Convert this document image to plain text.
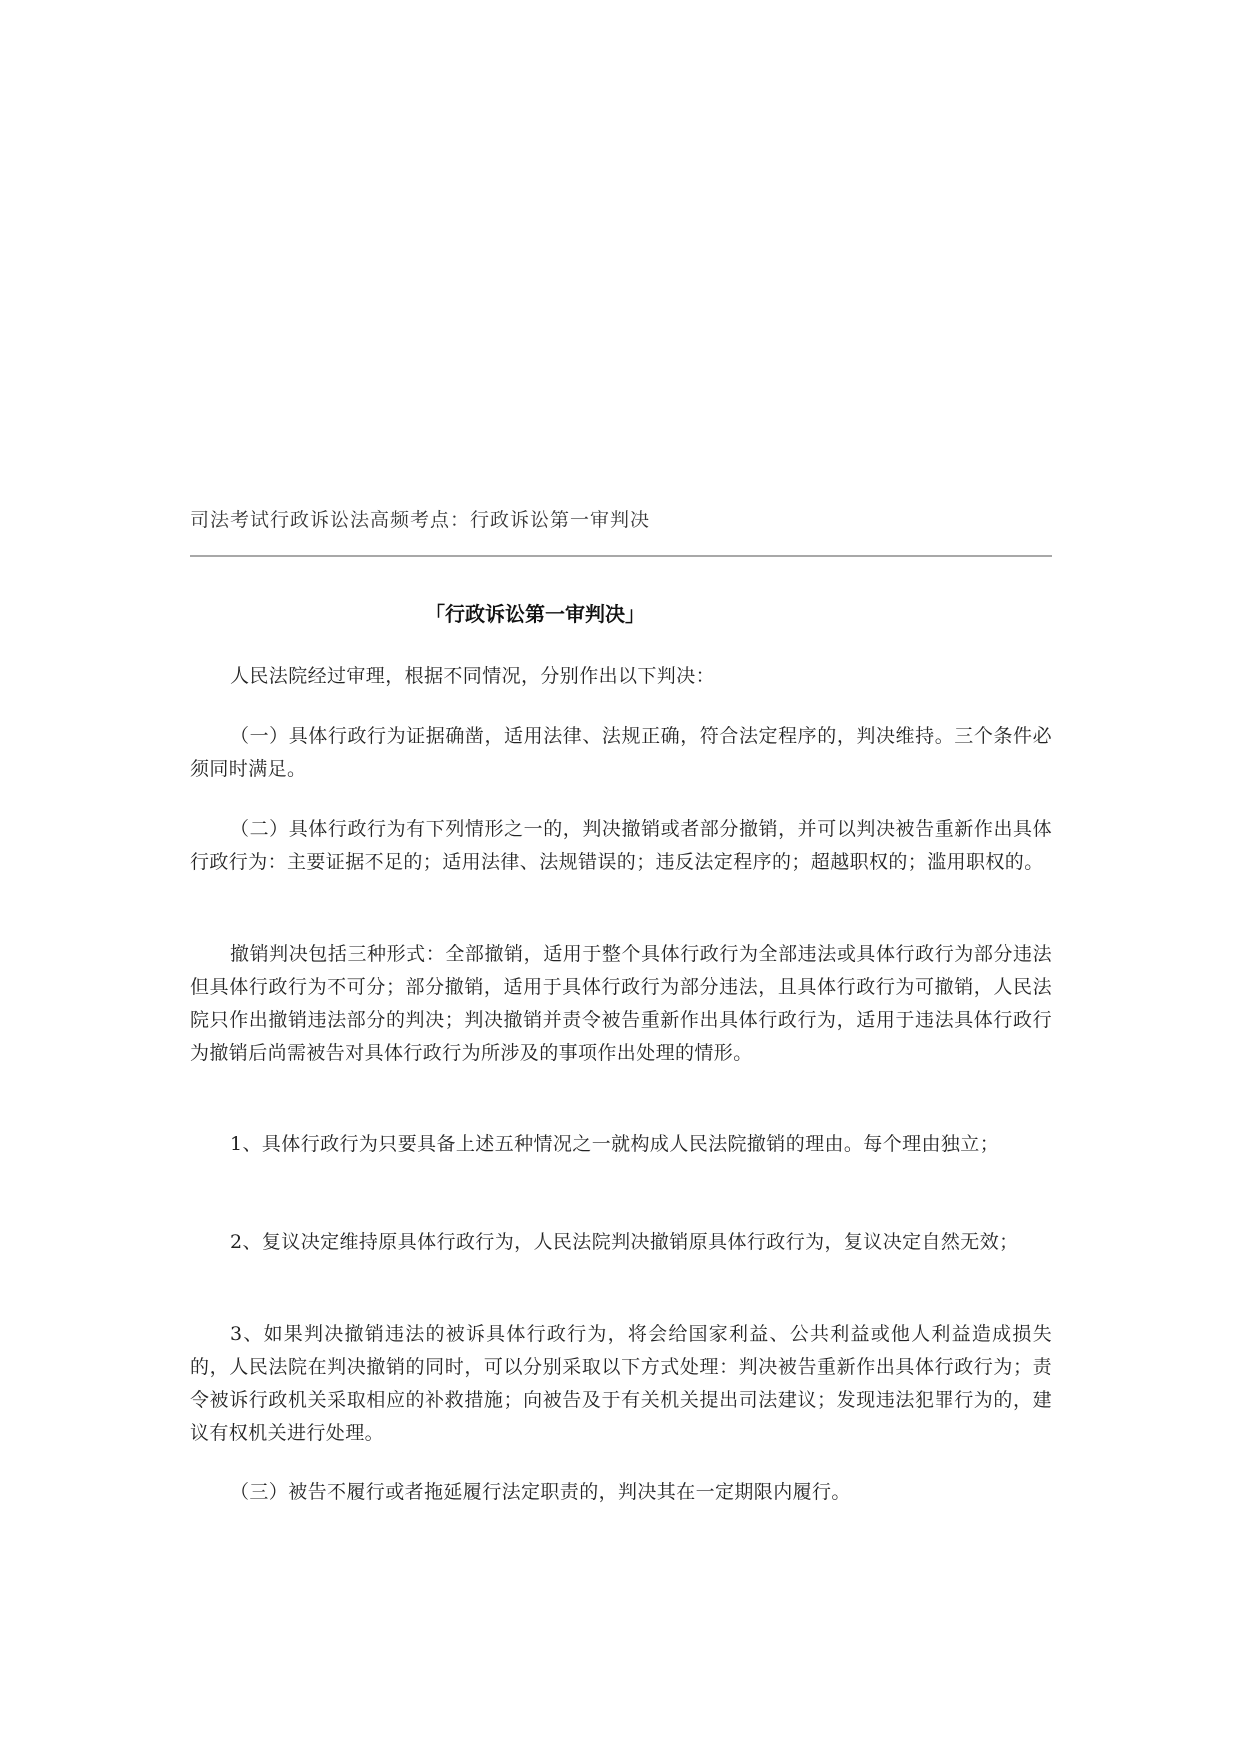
司法考试行政诉讼法高频考点：行政诉讼第一审判决
「行政诉讼第一审判决」

人民法院经过审理，根据不同情况，分别作出以下判决：

（一）具体行政行为证据确凿，适用法律、法规正确，符合法定程序的，判决维持。三个条件必须同时满足。

（二）具体行政行为有下列情形之一的，判决撤销或者部分撤销，并可以判决被告重新作出具体行政行为：主要证据不足的；适用法律、法规错误的；违反法定程序的；超越职权的；滥用职权的。

撤销判决包括三种形式：全部撤销，适用于整个具体行政行为全部违法或具体行政行为部分违法但具体行政行为不可分；部分撤销，适用于具体行政行为部分违法，且具体行政行为可撤销，人民法院只作出撤销违法部分的判决；判决撤销并责令被告重新作出具体行政行为，适用于违法具体行政行为撤销后尚需被告对具体行政行为所涉及的事项作出处理的情形。

1、具体行政行为只要具备上述五种情况之一就构成人民法院撤销的理由。每个理由独立；

2、复议决定维持原具体行政行为，人民法院判决撤销原具体行政行为，复议决定自然无效；

3、如果判决撤销违法的被诉具体行政行为，将会给国家利益、公共利益或他人利益造成损失的，人民法院在判决撤销的同时，可以分别采取以下方式处理：判决被告重新作出具体行政行为；责令被诉行政机关采取相应的补救措施；向被告及于有关机关提出司法建议；发现违法犯罪行为的，建议有权机关进行处理。

（三）被告不履行或者拖延履行法定职责的，判决其在一定期限内履行。
